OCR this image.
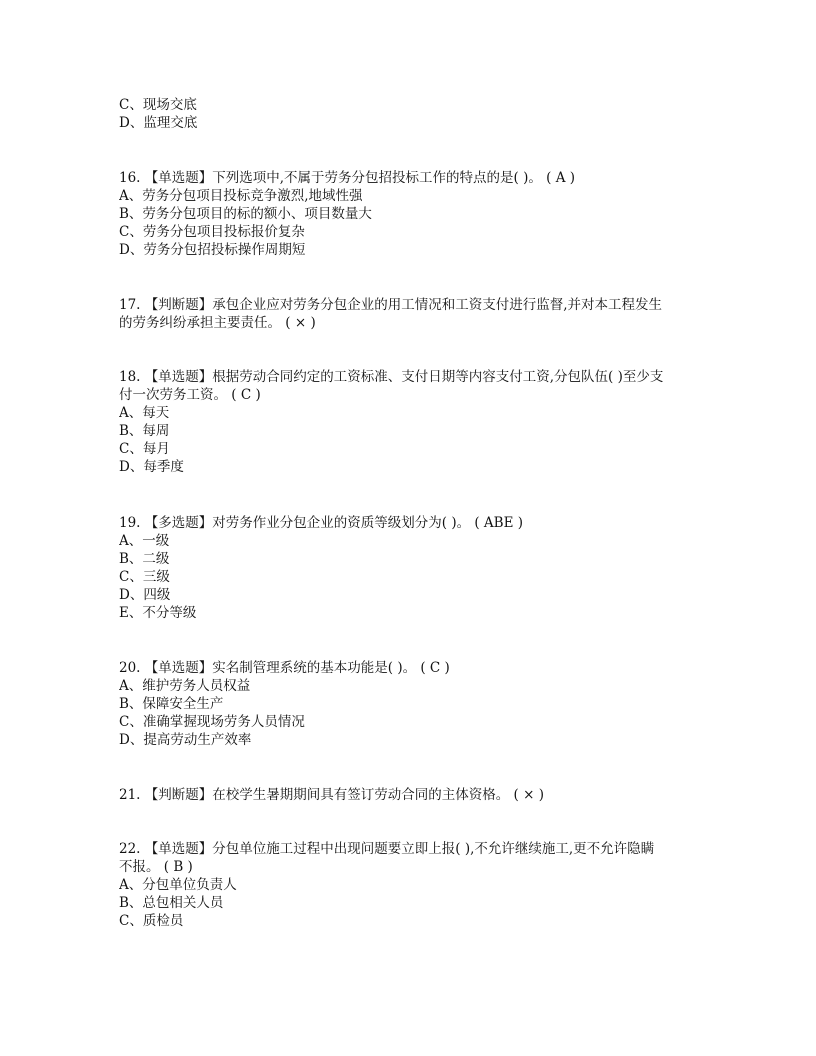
C、现场交底
D、监理交底
16. 【单选题】下列选项中,不属于劳务分包招投标工作的特点的是( )。 ( A )
A、劳务分包项目投标竞争激烈,地域性强
B、劳务分包项目的标的额小、项目数量大
C、劳务分包项目投标报价复杂
D、劳务分包招投标操作周期短
17. 【判断题】承包企业应对劳务分包企业的用工情况和工资支付进行监督,并对本工程发生
的劳务纠纷承担主要责任。 ( × )
18. 【单选题】根据劳动合同约定的工资标准、支付日期等内容支付工资,分包队伍( )至少支
付一次劳务工资。 ( C )
A、每天
B、每周
C、每月
D、每季度
19. 【多选题】对劳务作业分包企业的资质等级划分为( )。 ( ABE )
A、一级
B、二级
C、三级
D、四级
E、不分等级
20. 【单选题】实名制管理系统的基本功能是( )。 ( C )
A、维护劳务人员权益
B、保障安全生产
C、准确掌握现场劳务人员情况
D、提高劳动生产效率
21. 【判断题】在校学生暑期期间具有签订劳动合同的主体资格。 ( × )
22. 【单选题】分包单位施工过程中出现问题要立即上报( ),不允许继续施工,更不允许隐瞒
不报。 ( B )
A、分包单位负责人
B、总包相关人员
C、质检员
